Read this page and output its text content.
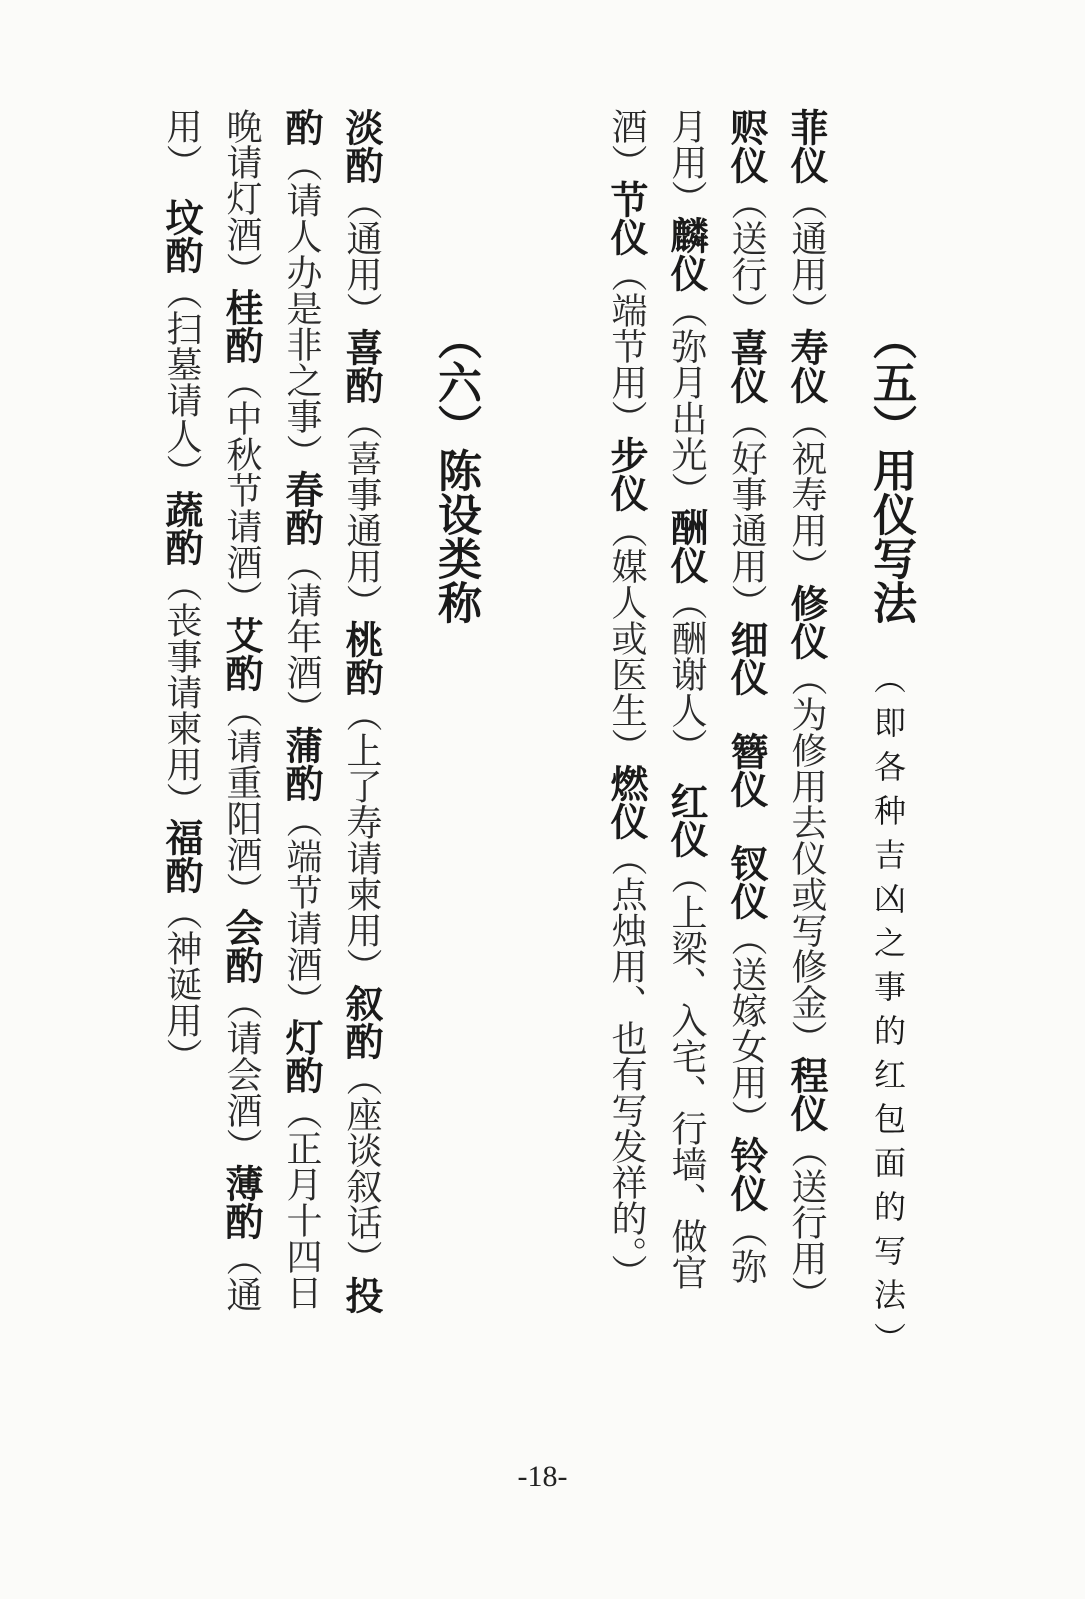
（五）用仪写法
（即各种吉凶之事的红包面的写法）
菲仪（通用）寿仪（祝寿用）修仪（为修用去仪或写修金）程仪（送行用）
赆仪（送行）喜仪（好事通用）细仪　簪仪　钗仪（送嫁女用）铃仪（弥
月用）麟仪（弥月出光）酬仪（酬谢人）　红仪（上梁、入宅、行墙、做官
酒）节仪（端节用）步仪（媒人或医生）燃仪（点烛用、也有写发祥的。）
（六）陈设类称
淡酌（通用）喜酌（喜事通用）桃酌（上了寿请柬用）叙酌（座谈叙话）投
酌（请人办是非之事）春酌（请年酒）蒲酌（端节请酒）灯酌（正月十四日
晚请灯酒）桂酌（中秋节请酒）艾酌（请重阳酒）会酌（请会酒）薄酌（通
用）　坟酌（扫墓请人）蔬酌（丧事请柬用）福酌（神诞用）
-18-
